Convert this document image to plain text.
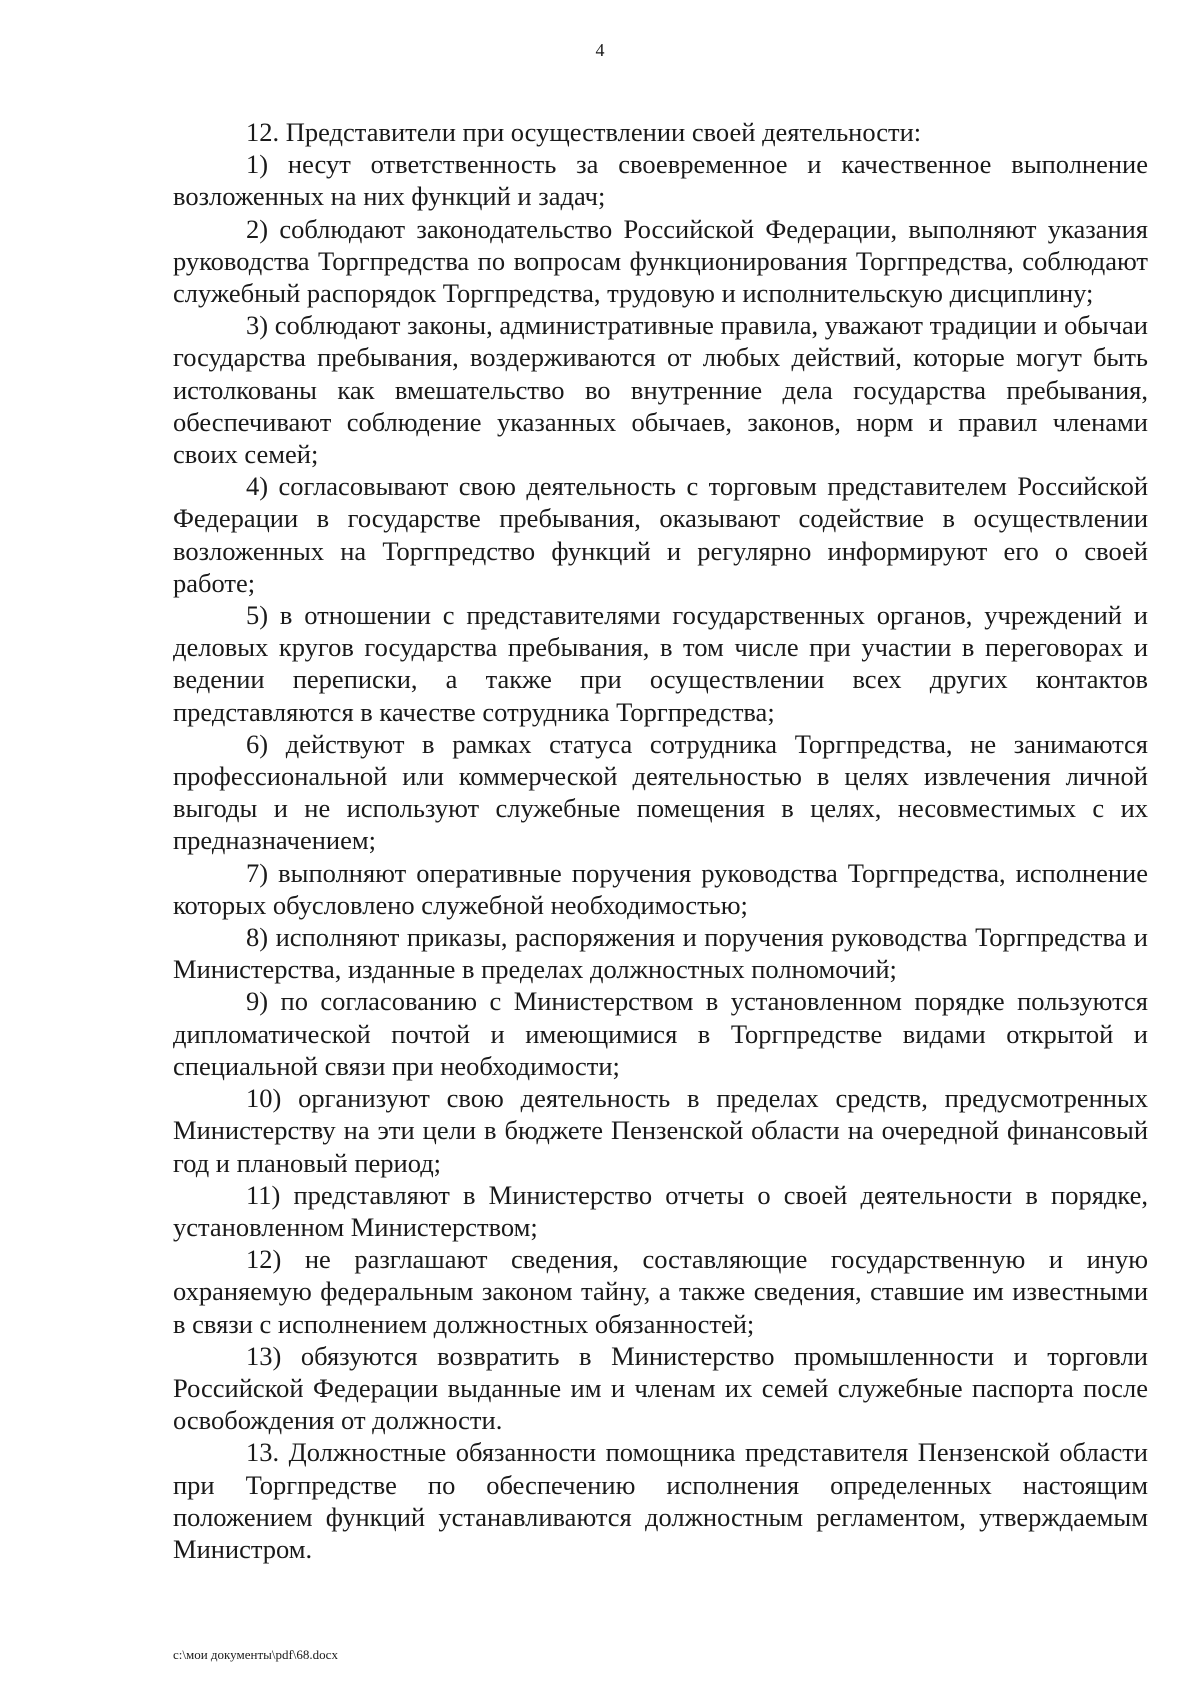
4

12. Представители при осуществлении своей деятельности:

1) несут ответственность за своевременное и качественное выполнение возложенных на них функций и задач;

2) соблюдают законодательство Российской Федерации, выполняют указания руководства Торгпредства по вопросам функционирования Торгпредства, соблюдают служебный распорядок Торгпредства, трудовую и исполнительскую дисциплину;

3) соблюдают законы, административные правила, уважают традиции и обычаи государства пребывания, воздерживаются от любых действий, которые могут быть истолкованы как вмешательство во внутренние дела государства пребывания, обеспечивают соблюдение указанных обычаев, законов, норм и правил членами своих семей;

4) согласовывают свою деятельность с торговым представителем Российской Федерации в государстве пребывания, оказывают содействие в осуществлении возложенных на Торгпредство функций и регулярно информируют его о своей работе;

5) в отношении с представителями государственных органов, учреждений и деловых кругов государства пребывания, в том числе при участии в переговорах и ведении переписки, а также при осуществлении всех других контактов представляются в качестве сотрудника Торгпредства;

6) действуют в рамках статуса сотрудника Торгпредства, не занимаются профессиональной или коммерческой деятельностью в целях извлечения личной выгоды и не используют служебные помещения в целях, несовместимых с их предназначением;

7) выполняют оперативные поручения руководства Торгпредства, исполнение которых обусловлено служебной необходимостью;

8) исполняют приказы, распоряжения и поручения руководства Торгпредства и Министерства, изданные в пределах должностных полномочий;

9) по согласованию с Министерством в установленном порядке пользуются дипломатической почтой и имеющимися в Торгпредстве видами открытой и специальной связи при необходимости;

10) организуют свою деятельность в пределах средств, предусмотренных Министерству на эти цели в бюджете Пензенской области на очередной финансовый год и плановый период;

11) представляют в Министерство отчеты о своей деятельности в порядке, установленном Министерством;

12) не разглашают сведения, составляющие государственную и иную охраняемую федеральным законом тайну, а также сведения, ставшие им известными в связи с исполнением должностных обязанностей;

13) обязуются возвратить в Министерство промышленности и торговли Российской Федерации выданные им и членам их семей служебные паспорта после освобождения от должности.

13. Должностные обязанности помощника представителя Пензенской области при Торгпредстве по обеспечению исполнения определенных настоящим положением функций устанавливаются должностным регламентом, утверждаемым Министром.

c:\мои документы\pdf\68.docx
